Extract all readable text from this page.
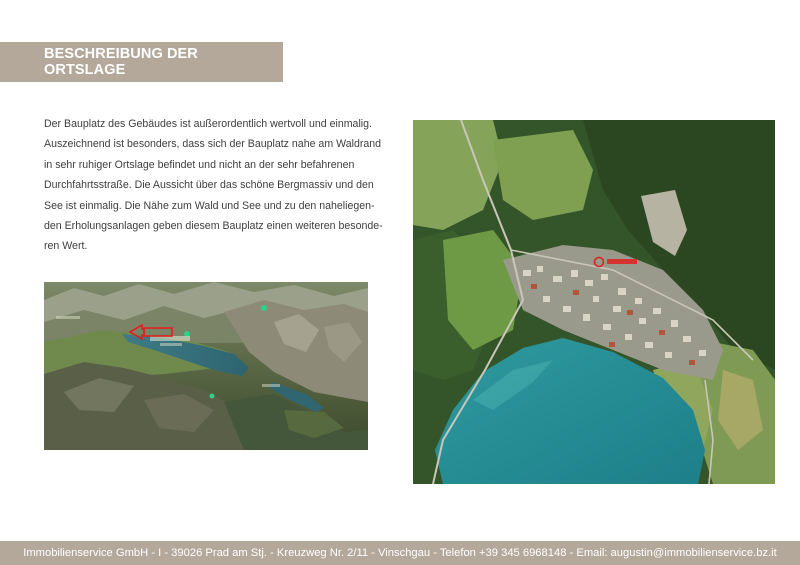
BESCHREIBUNG DER ORTSLAGE
Der Bauplatz des Gebäudes ist außerordentlich wertvoll und einmalig.
Auszeichnend ist besonders, dass sich der Bauplatz nahe am Waldrand
in sehr ruhiger Ortslage befindet und nicht an der sehr befahrenen
Durchfahrtsstraße. Die Aussicht über das schöne Bergmassiv und den
See ist einmalig. Die Nähe zum Wald und See und zu den naheliegen-
den Erholungsanlagen geben diesem Bauplatz einen weiteren besonde-
ren Wert.
Immobilienservice GmbH - I - 39026 Prad am Stj. - Kreuzweg Nr. 2/11 - Vinschgau - Telefon +39 345 6968148 - Email: augustin@immobilienservice.bz.it
